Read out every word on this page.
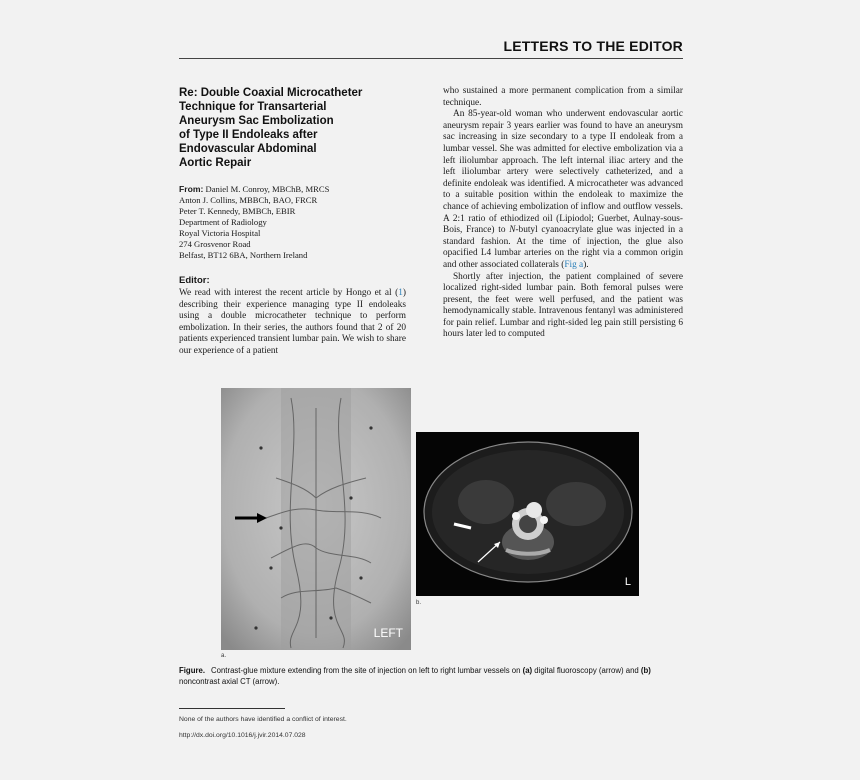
LETTERS TO THE EDITOR
Re: Double Coaxial Microcatheter
Technique for Transarterial
Aneurysm Sac Embolization
of Type II Endoleaks after
Endovascular Abdominal
Aortic Repair
From: Daniel M. Conroy, MBChB, MRCS
Anton J. Collins, MBBCh, BAO, FRCR
Peter T. Kennedy, BMBCh, EBIR
Department of Radiology
Royal Victoria Hospital
274 Grosvenor Road
Belfast, BT12 6BA, Northern Ireland
Editor:

We read with interest the recent article by Hongo et al (1) describing their experience managing type II endoleaks using a double microcatheter technique to perform embolization. In their series, the authors found that 2 of 20 patients experienced transient lumbar pain. We wish to share our experience of a patient

who sustained a more permanent complication from a similar technique.

An 85-year-old woman who underwent endovascular aortic aneurysm repair 3 years earlier was found to have an aneurysm sac increasing in size secondary to a type II endoleak from a lumbar vessel. She was admitted for elective embolization via a left iliolumbar approach. The left internal iliac artery and the left iliolumbar artery were selectively catheterized, and a definite endoleak was identified. A microcatheter was advanced to a suitable position within the endoleak to maximize the chance of achieving embolization of inflow and outflow vessels. A 2:1 ratio of ethiodized oil (Lipiodol; Guerbet, Aulnay-sous-Bois, France) to N-butyl cyanoacrylate glue was injected in a standard fashion. At the time of injection, the glue also opacified L4 lumbar arteries on the right via a common origin and other associated collaterals (Fig a).

Shortly after injection, the patient complained of severe localized right-sided lumbar pain. Both femoral pulses were present, the feet were well perfused, and the patient was hemodynamically stable. Intravenous fentanyl was administered for pain relief. Lumbar and right-sided leg pain still persisting 6 hours later led to computed

LEFT
a.
L
b.
Figure. Contrast-glue mixture extending from the site of injection on left to right lumbar vessels on (a) digital fluoroscopy (arrow) and (b) noncontrast axial CT (arrow).
None of the authors have identified a conflict of interest.
http://dx.doi.org/10.1016/j.jvir.2014.07.028
